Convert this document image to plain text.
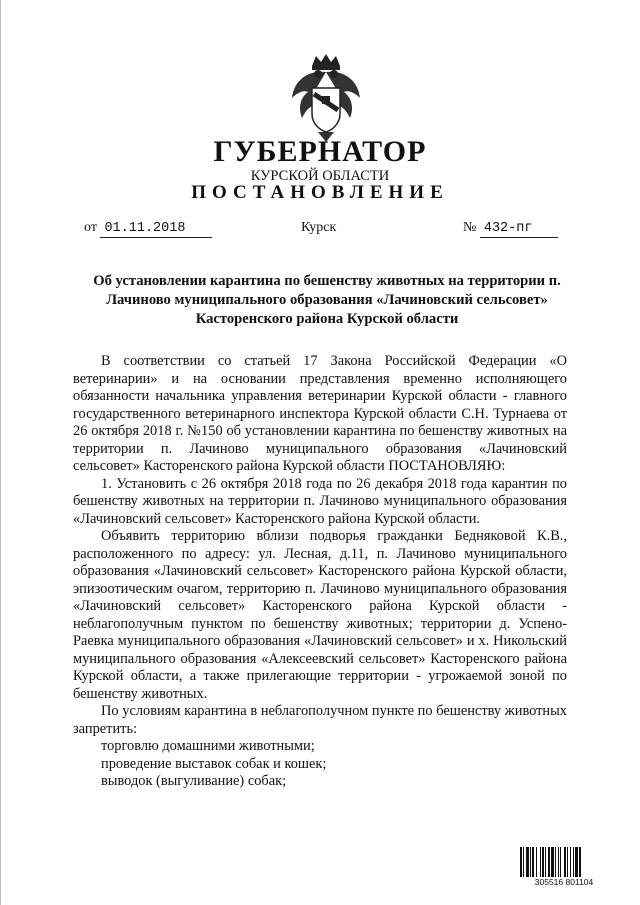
ГУБЕРНАТОР
КУРСКОЙ ОБЛАСТИ
ПОСТАНОВЛЕНИЕ
от 01.11.2018	Курск	№ 432-пг
Об установлении карантина по бешенству животных на территории п. Лачиново муниципального образования «Лачиновский сельсовет» Касторенского района Курской области

В соответствии со статьей 17 Закона Российской Федерации «О ветеринарии» и на основании представления временно исполняющего обязанности начальника управления ветеринарии Курской области - главного государственного ветеринарного инспектора Курской области С.Н. Турнаева от 26 октября 2018 г. №150 об установлении карантина по бешенству животных на территории п. Лачиново муниципального образования «Лачиновский сельсовет» Касторенского района Курской области ПОСТАНОВЛЯЮ:

1. Установить с 26 октября 2018 года по 26 декабря 2018 года карантин по бешенству животных на территории п. Лачиново муниципального образования «Лачиновский сельсовет» Касторенского района Курской области.

Объявить территорию вблизи подворья гражданки Бедняковой К.В., расположенного по адресу: ул. Лесная, д.11, п. Лачиново муниципального образования «Лачиновский сельсовет» Касторенского района Курской области, эпизоотическим очагом, территорию п. Лачиново муниципального образования «Лачиновский сельсовет» Касторенского района Курской области - неблагополучным пунктом по бешенству животных; территории д. Успено-Раевка муниципального образования «Лачиновский сельсовет» и х. Никольский муниципального образования «Алексеевский сельсовет» Касторенского района Курской области, а также прилегающие территории - угрожаемой зоной по бешенству животных.

По условиям карантина в неблагополучном пункте по бешенству животных запретить:

торговлю домашними животными;

проведение выставок собак и кошек;

выводок (выгуливание) собак;

305516 801104
